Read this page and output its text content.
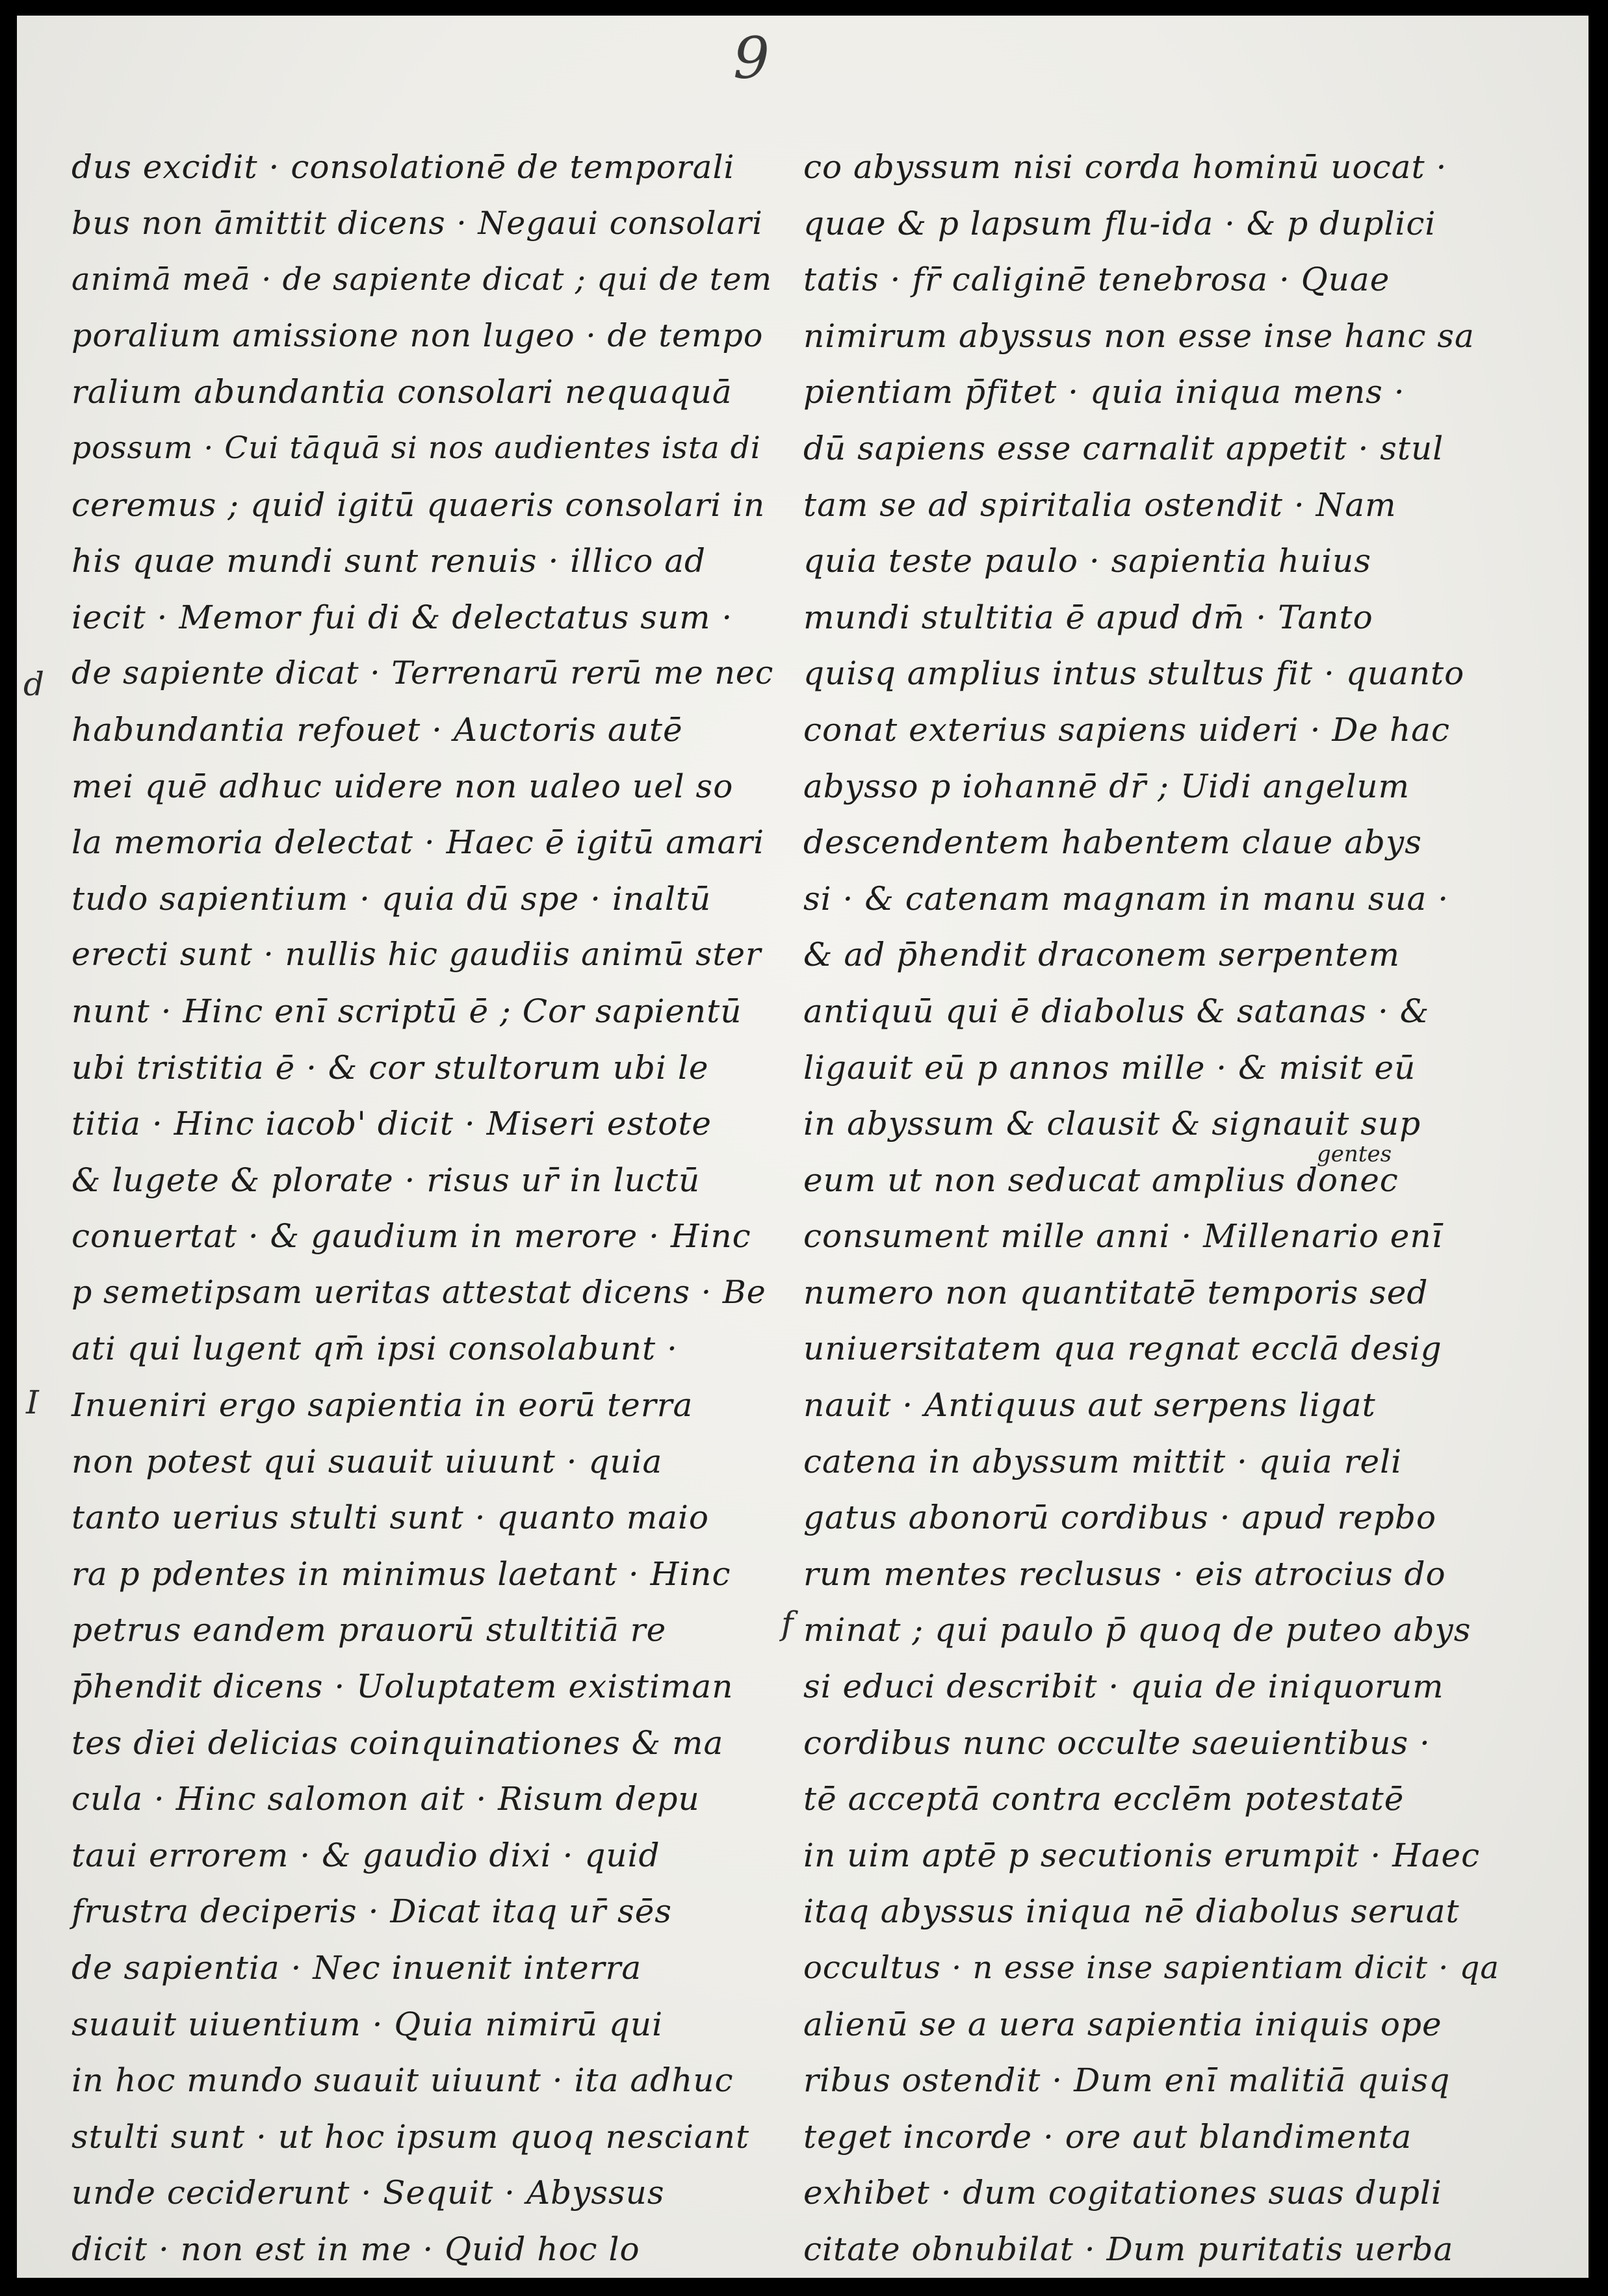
9
d
I
f
gentes
dus excidit · consolationē de temporali
bus non āmittit dicens · Negaui consolari
animā meā · de sapiente dicat ; qui de tem
poralium amissione non lugeo · de tempo
ralium abundantia consolari nequaquā
possum · Cui tāquā si nos audientes ista di
ceremus ; quid igitū quaeris consolari in
his quae mundi sunt renuis · illico ad
iecit · Memor fui di & delectatus sum ·
de sapiente dicat · Terrenarū rerū me nec
habundantia refouet · Auctoris autē
mei quē adhuc uidere non ualeo uel so
la memoria delectat · Haec ē igitū amari
tudo sapientium · quia dū spe · inaltū
erecti sunt · nullis hic gaudiis animū ster
nunt · Hinc enī scriptū ē ; Cor sapientū
ubi tristitia ē · & cor stultorum ubi le
titia · Hinc iacob' dicit · Miseri estote
& lugete & plorate · risus ur̄ in luctū
conuertat · & gaudium in merore · Hinc
p semetipsam ueritas attestat dicens · Be
ati qui lugent qm̄ ipsi consolabunt ·
Inueniri ergo sapientia in eorū terra
non potest qui suauit uiuunt · quia
tanto uerius stulti sunt · quanto maio
ra p pdentes in minimus laetant · Hinc
petrus eandem prauorū stultitiā re
p̄hendit dicens · Uoluptatem existiman
tes diei delicias coinquinationes & ma
cula · Hinc salomon ait · Risum depu
taui errorem · & gaudio dixi · quid
frustra deciperis · Dicat itaq ur̄ sēs
de sapientia · Nec inuenit interra
suauit uiuentium · Quia nimirū qui
in hoc mundo suauit uiuunt · ita adhuc
stulti sunt · ut hoc ipsum quoq nesciant
unde ceciderunt · Sequit · Abyssus
dicit · non est in me · Quid hoc lo
co abyssum nisi corda hominū uocat ·
quae & p lapsum flu-ida · & p duplici
tatis · fr̄ caliginē tenebrosa · Quae
nimirum abyssus non esse inse hanc sa
pientiam p̄fitet · quia iniqua mens ·
dū sapiens esse carnalit appetit · stul
tam se ad spiritalia ostendit · Nam
quia teste paulo · sapientia huius
mundi stultitia ē apud dm̄ · Tanto
quisq amplius intus stultus fit · quanto
conat exterius sapiens uideri · De hac
abysso p iohannē dr̄ ; Uidi angelum
descendentem habentem claue abys
si · & catenam magnam in manu sua ·
& ad p̄hendit draconem serpentem
antiquū qui ē diabolus & satanas · &
ligauit eū p annos mille · & misit eū
in abyssum & clausit & signauit sup
eum ut non seducat amplius donec
consument mille anni · Millenario enī
numero non quantitatē temporis sed
uniuersitatem qua regnat ecclā desig
nauit · Antiquus aut serpens ligat
catena in abyssum mittit · quia reli
gatus abonorū cordibus · apud repbo
rum mentes reclusus · eis atrocius do
minat ; qui paulo p̄ quoq de puteo abys
si educi describit · quia de iniquorum
cordibus nunc occulte saeuientibus ·
tē acceptā contra ecclēm potestatē
in uim aptē p secutionis erumpit · Haec
itaq abyssus iniqua nē diabolus seruat
occultus · n esse inse sapientiam dicit · qa
alienū se a uera sapientia iniquis ope
ribus ostendit · Dum enī malitiā quisq
teget incorde · ore aut blandimenta
exhibet · dum cogitationes suas dupli
citate obnubilat · Dum puritatis uerba
